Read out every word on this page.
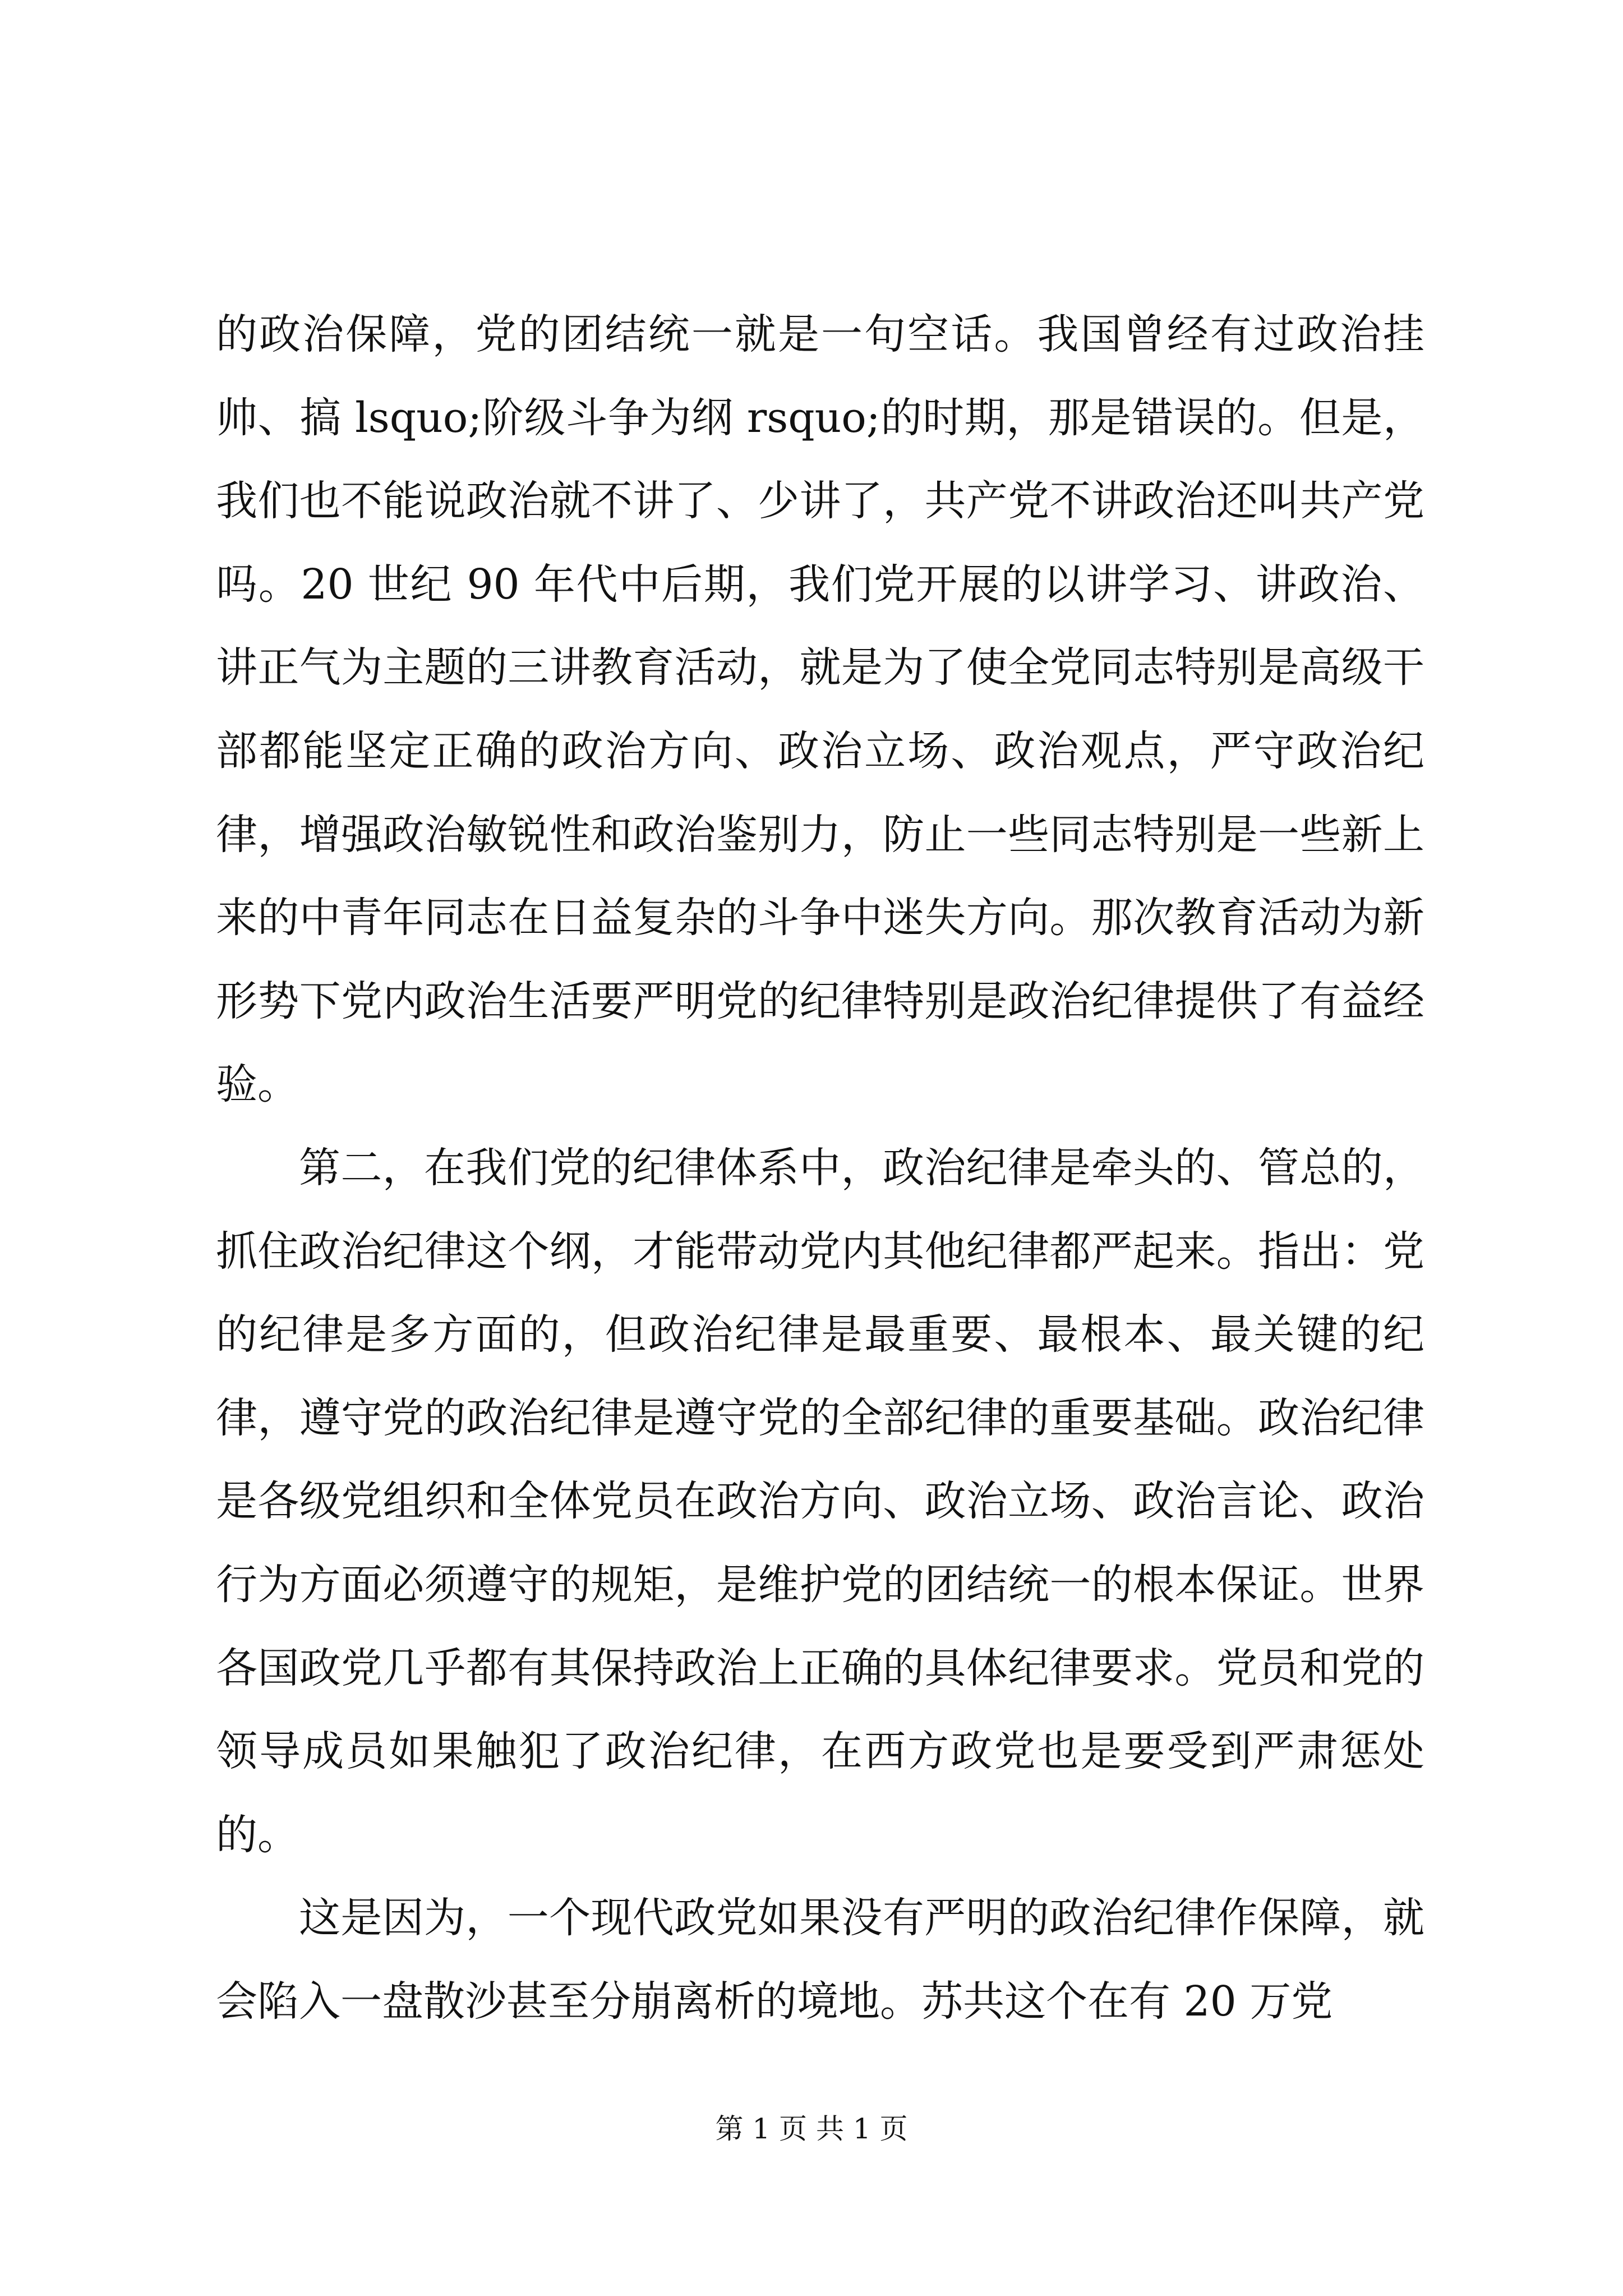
的政治保障，党的团结统一就是一句空话。我国曾经有过政治挂帅、搞 lsquo;阶级斗争为纲 rsquo;的时期，那是错误的。但是，我们也不能说政治就不讲了、少讲了，共产党不讲政治还叫共产党吗。20 世纪 90 年代中后期，我们党开展的以讲学习、讲政治、讲正气为主题的三讲教育活动，就是为了使全党同志特别是高级干部都能坚定正确的政治方向、政治立场、政治观点，严守政治纪律，增强政治敏锐性和政治鉴别力，防止一些同志特别是一些新上来的中青年同志在日益复杂的斗争中迷失方向。那次教育活动为新形势下党内政治生活要严明党的纪律特别是政治纪律提供了有益经验。

第二，在我们党的纪律体系中，政治纪律是牵头的、管总的，抓住政治纪律这个纲，才能带动党内其他纪律都严起来。指出：党的纪律是多方面的，但政治纪律是最重要、最根本、最关键的纪律，遵守党的政治纪律是遵守党的全部纪律的重要基础。政治纪律是各级党组织和全体党员在政治方向、政治立场、政治言论、政治行为方面必须遵守的规矩，是维护党的团结统一的根本保证。世界各国政党几乎都有其保持政治上正确的具体纪律要求。党员和党的领导成员如果触犯了政治纪律，在西方政党也是要受到严肃惩处的。

这是因为，一个现代政党如果没有严明的政治纪律作保障，就会陷入一盘散沙甚至分崩离析的境地。苏共这个在有 20 万党

第 1 页 共 1 页
